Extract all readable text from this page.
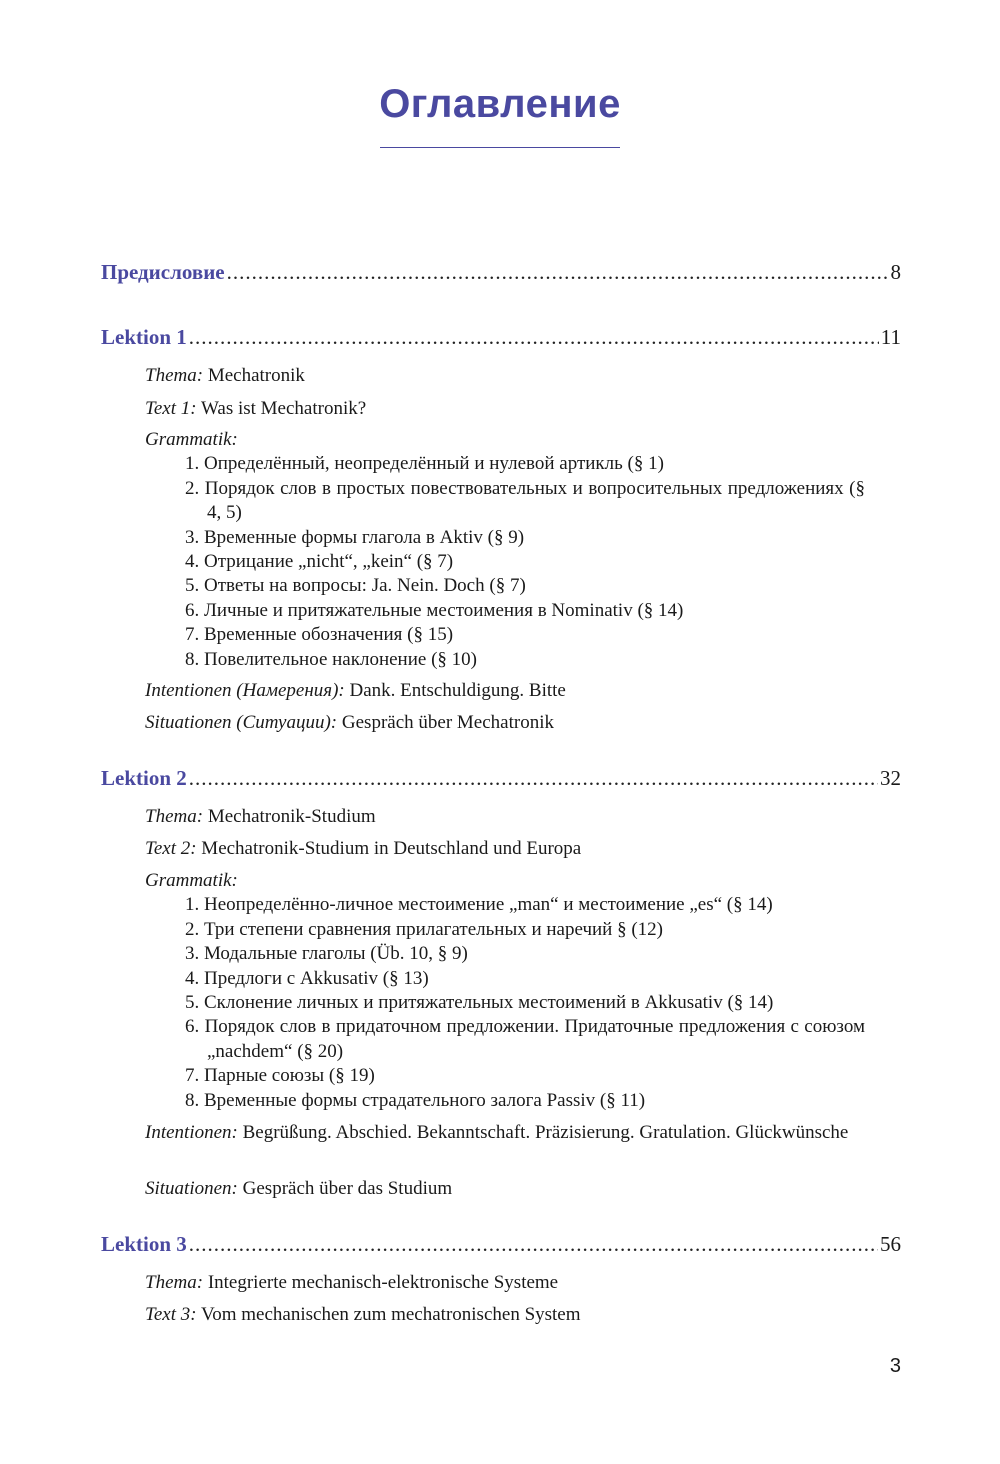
Оглавление
Предисловие .....	8
Lektion 1 .....	11
Thema: Mechatronik
Text 1: Was ist Mechatronik?
Grammatik:
1. Определённый, неопределённый и нулевой артикль (§ 1)
2. Порядок слов в простых повествовательных и вопросительных предложениях (§ 4, 5)
3. Временные формы глагола в Aktiv (§ 9)
4. Отрицание „nicht“, „kein“ (§ 7)
5. Ответы на вопросы: Ja. Nein. Doch (§ 7)
6. Личные и притяжательные местоимения в Nominativ (§ 14)
7. Временные обозначения (§ 15)
8. Повелительное наклонение (§ 10)
Intentionen (Намерения): Dank. Entschuldigung. Bitte
Situationen (Ситуации): Gespräch über Mechatronik
Lektion 2 .....	32
Thema: Mechatronik-Studium
Text 2: Mechatronik-Studium in Deutschland und Europa
Grammatik:
1. Неопределённо-личное местоимение „man“ и местоимение „es“ (§ 14)
2. Три степени сравнения прилагательных и наречий § (12)
3. Модальные глаголы (Üb. 10, § 9)
4. Предлоги с Akkusativ (§ 13)
5. Склонение личных и притяжательных местоимений в Akkusativ (§ 14)
6. Порядок слов в придаточном предложении. Придаточные предложения с союзом „nachdem“ (§ 20)
7. Парные союзы (§ 19)
8. Временные формы страдательного залога Passiv (§ 11)
Intentionen: Begrüßung. Abschied. Bekanntschaft. Präzisierung. Gratulation. Glückwünsche
Situationen: Gespräch über das Studium
Lektion 3 .....	56
Thema: Integrierte mechanisch-elektronische Systeme
Text 3: Vom mechanischen zum mechatronischen System
3
